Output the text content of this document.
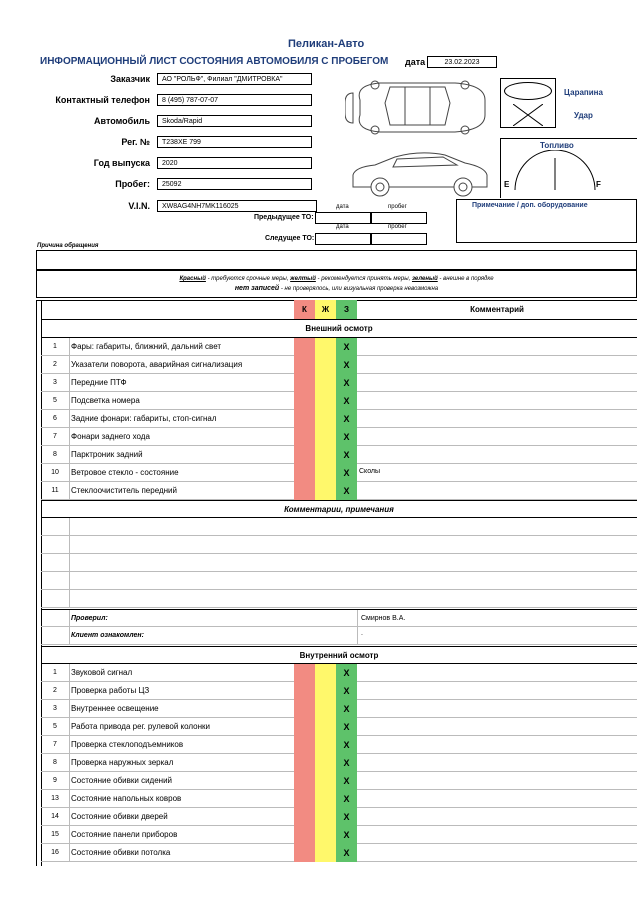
Пеликан-Авто
ИНФОРМАЦИОННЫЙ ЛИСТ СОСТОЯНИЯ АВТОМОБИЛЯ С ПРОБЕГОМ дата	23.02.2023
Заказчик	АО "РОЛЬФ", Филиал "ДМИТРОВКА"
Контактный телефон	8 (495) 787-07-07
Автомобиль	Skoda/Rapid
Рег. №	Т238ХЕ 799
Год выпуска	2020
Пробег:	25092
V.I.N.	XW8AG4NH7MK116025	дата	пробег
Предыдущее ТО:
дата	пробег
Следущее ТО:
Царапина
Удар
Топливо
E	F
Примечание / доп. оборудование
Причина обращения
Красный - требуются срочные меры, желтый - рекомендуется принять меры, зеленый - внешне в порядке
нет записей - не проверялось, или визуальная проверка невозможна
К	Ж	З	Комментарий
Внешний осмотр
1	Фары: габариты, ближний, дальний свет	X
2	Указатели поворота, аварийная сигнализация	X
3	Передние ПТФ	X
5	Подсветка номера	X
6	Задние фонари: габариты, стоп-сигнал	X
7	Фонари заднего хода	X
8	Парктроник задний	X
10	Ветровое стекло - состояние	X	Сколы
11	Стеклоочиститель передний	X
Комментарии, примечания
Проверил:	Смирнов В.А.
Клиент ознакомлен:	.
Внутренний осмотр
1	Звуковой сигнал	X
2	Проверка работы ЦЗ	X
3	Внутреннее освещение	X
5	Работа привода рег. рулевой колонки	X
7	Проверка стеклоподъемников	X
8	Проверка наружных зеркал	X
9	Состояние обивки сидений	X
13	Состояние напольных ковров	X
14	Состояние обивки дверей	X
15	Состояние панели приборов	X
16	Состояние обивки потолка	X
